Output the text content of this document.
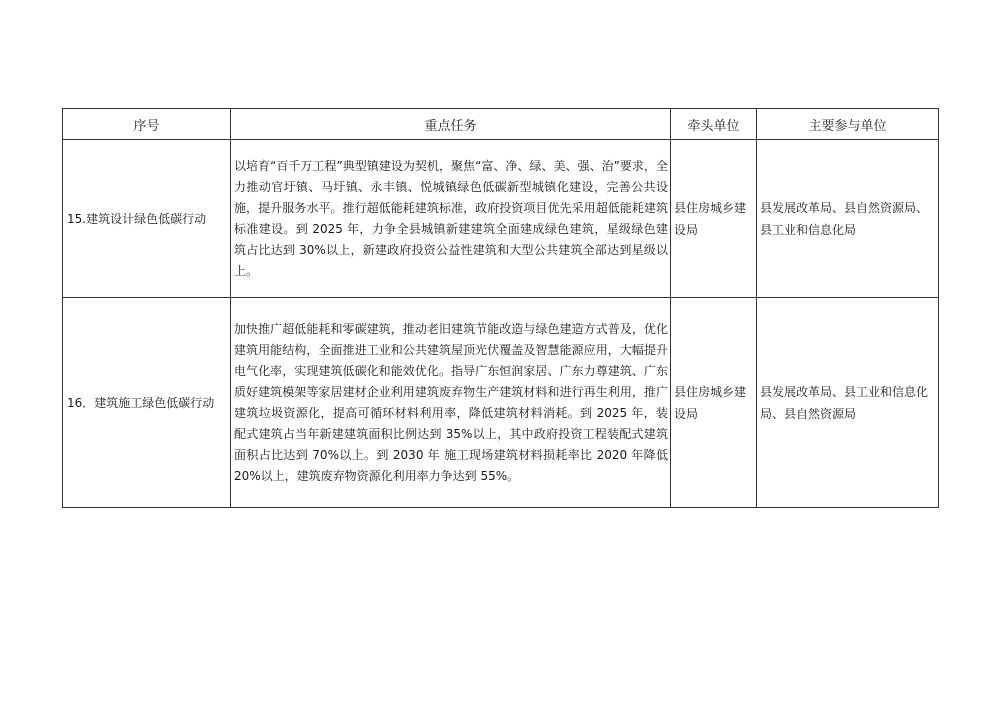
序号	重点任务	牵头单位	主要参与单位
15.建筑设计绿色低碳行动	以培育“百千万工程”典型镇建设为契机，聚焦“富、净、绿、美、强、治”要求，全力推动官圩镇、马圩镇、永丰镇、悦城镇绿色低碳新型城镇化建设，完善公共设施，提升服务水平。推行超低能耗建筑标准，政府投资项目优先采用超低能耗建筑标准建设。到 2025 年，力争全县城镇新建建筑全面建成绿色建筑，星级绿色建筑占比达到 30%以上，新建政府投资公益性建筑和大型公共建筑全部达到星级以上。	县住房城乡建设局	县发展改革局、县自然资源局、县工业和信息化局
16．建筑施工绿色低碳行动	加快推广超低能耗和零碳建筑，推动老旧建筑节能改造与绿色建造方式普及，优化建筑用能结构，全面推进工业和公共建筑屋顶光伏覆盖及智慧能源应用，大幅提升电气化率，实现建筑低碳化和能效优化。指导广东恒润家居、广东力尊建筑、广东质好建筑模架等家居建材企业利用建筑废弃物生产建筑材料和进行再生利用，推广建筑垃圾资源化，提高可循环材料利用率，降低建筑材料消耗。到 2025 年，装配式建筑占当年新建建筑面积比例达到 35%以上，其中政府投资工程装配式建筑面积占比达到 70%以上。到 2030 年 施工现场建筑材料损耗率比 2020 年降低 20%以上，建筑废弃物资源化利用率力争达到 55%。	县住房城乡建设局	县发展改革局、县工业和信息化局、县自然资源局
